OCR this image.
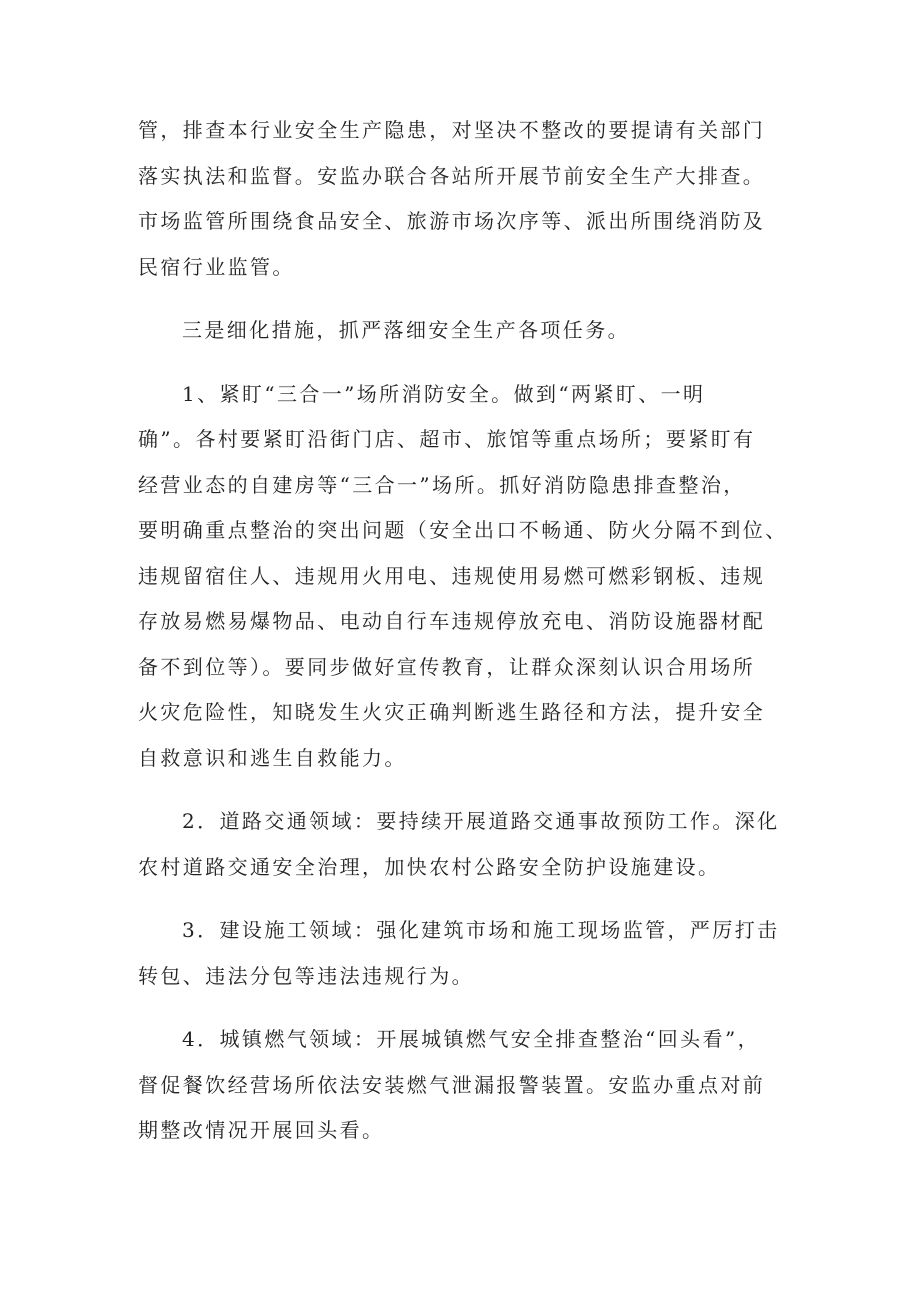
管，排查本行业安全生产隐患，对坚决不整改的要提请有关部门
落实执法和监督。安监办联合各站所开展节前安全生产大排查。
市场监管所围绕食品安全、旅游市场次序等、派出所围绕消防及
民宿行业监管。

三是细化措施，抓严落细安全生产各项任务。

1、紧盯“三合一”场所消防安全。做到“两紧盯、一明
确”。各村要紧盯沿街门店、超市、旅馆等重点场所；要紧盯有
经营业态的自建房等“三合一”场所。抓好消防隐患排查整治，
要明确重点整治的突出问题（安全出口不畅通、防火分隔不到位、
违规留宿住人、违规用火用电、违规使用易燃可燃彩钢板、违规
存放易燃易爆物品、电动自行车违规停放充电、消防设施器材配
备不到位等）。要同步做好宣传教育，让群众深刻认识合用场所
火灾危险性，知晓发生火灾正确判断逃生路径和方法，提升安全
自救意识和逃生自救能力。

2．道路交通领域：要持续开展道路交通事故预防工作。深化
农村道路交通安全治理，加快农村公路安全防护设施建设。

3．建设施工领域：强化建筑市场和施工现场监管，严厉打击
转包、违法分包等违法违规行为。

4．城镇燃气领域：开展城镇燃气安全排查整治“回头看”，
督促餐饮经营场所依法安装燃气泄漏报警装置。安监办重点对前
期整改情况开展回头看。
